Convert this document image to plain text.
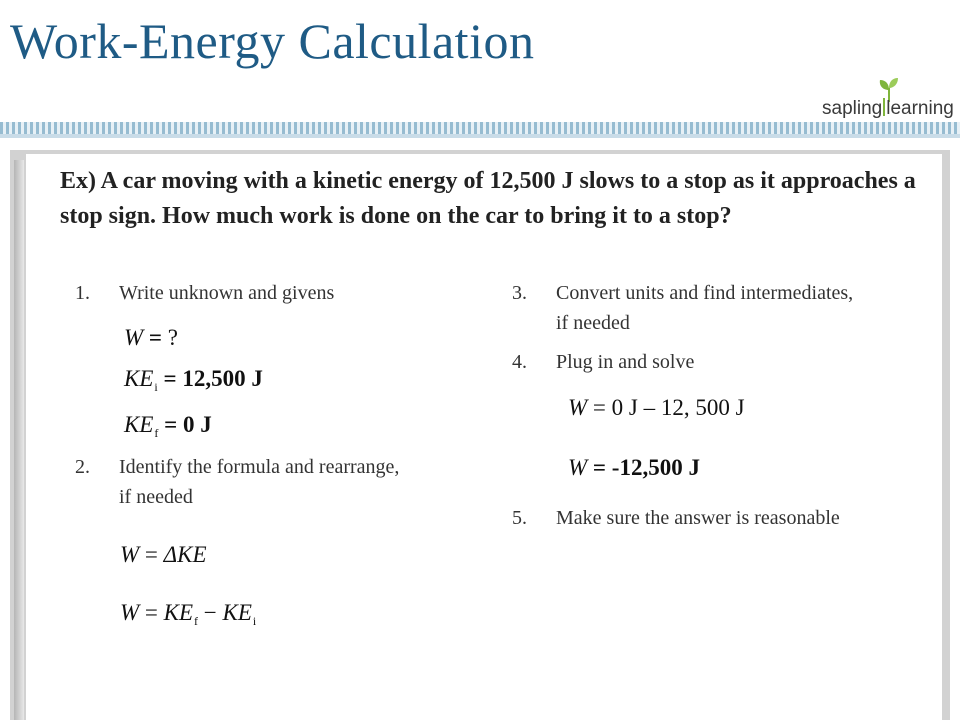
Work-Energy Calculation
sapling learning
Ex) A car moving with a kinetic energy of 12,500 J slows to a stop as it approaches a stop sign. How much work is done on the car to bring it to a stop?
1. Write unknown and givens
W = ?
$KE_i = 12,500$ J
$KE_f = 0$ J
2. Identify the formula and rearrange, if needed
W = ΔKE
$W = KE_f - KE_i$
3. Convert units and find intermediates, if needed
4. Plug in and solve
W = 0 J – 12, 500 J
W = -12,500 J
5. Make sure the answer is reasonable
